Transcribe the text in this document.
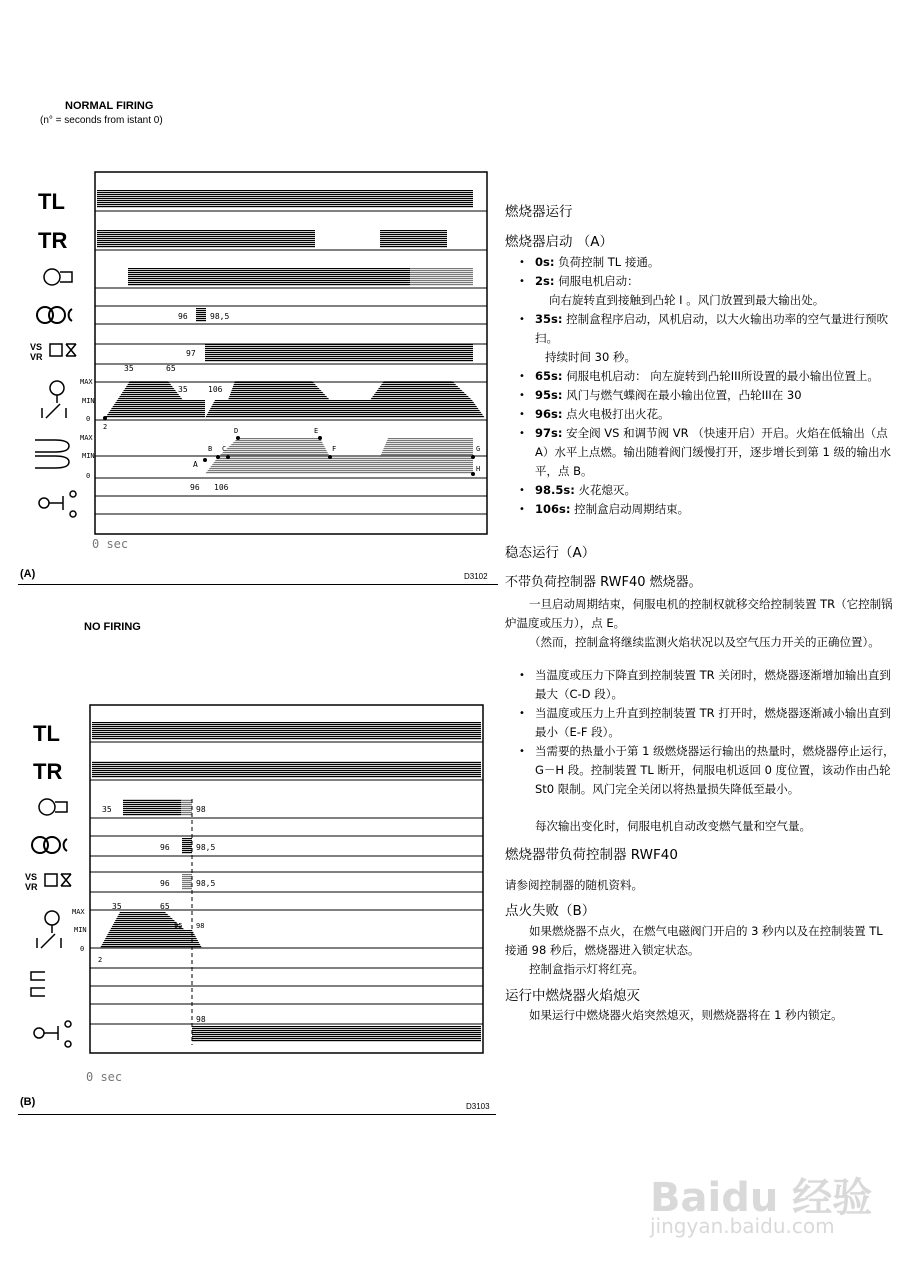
NORMAL FIRING
(n° = seconds from istant 0)
MAX
MIN
0
MAX
MIN
0
35	65
35	106
96	98,5
97
2
96 106
A
B C
D	E
F	G
H
0 sec
TL
TR
VS
VR
(A)	D3102
NO FIRING
MAX
MIN
0
35	98
96	98,5
96	98,5
35	65
95 98
2
98
0 sec
TL
TR
VS
VR
(B)	D3103
燃烧器运行
燃烧器启动 （A）
• 0s: 负荷控制 TL 接通。
• 2s: 伺服电机启动：
向右旋转直到接触到凸轮 I 。风门放置到最大输出处。
• 35s: 控制盒程序启动，风机启动，以大火输出功率的空气量进行预吹扫。
持续时间 30 秒。
• 65s: 伺服电机启动： 向左旋转到凸轮III所设置的最小输出位置上。
• 95s: 风门与燃气蝶阀在最小输出位置，凸轮III在 30
• 96s: 点火电极打出火花。
• 97s: 安全阀 VS 和调节阀 VR （快速开启）开启。火焰在低输出（点 A）水平上点燃。输出随着阀门缓慢打开，逐步增长到第 1 级的输出水平，点 B。
• 98.5s: 火花熄灭。
• 106s: 控制盒启动周期结束。
稳态运行（A）
不带负荷控制器 RWF40 燃烧器。
一旦启动周期结束，伺服电机的控制权就移交给控制装置 TR（它控制锅炉温度或压力），点 E。
（然而，控制盒将继续监测火焰状况以及空气压力开关的正确位置）。
• 当温度或压力下降直到控制装置 TR 关闭时，燃烧器逐渐增加输出直到最大（C-D 段）。
• 当温度或压力上升直到控制装置 TR 打开时，燃烧器逐渐减小输出直到最小（E-F 段）。
• 当需要的热量小于第 1 级燃烧器运行输出的热量时，燃烧器停止运行，G－H 段。控制装置 TL 断开，伺服电机返回 0 度位置，该动作由凸轮 St0 限制。风门完全关闭以将热量损失降低至最小。
每次输出变化时，伺服电机自动改变燃气量和空气量。
燃烧器带负荷控制器 RWF40
请参阅控制器的随机资料。
点火失败（B）
如果燃烧器不点火，在燃气电磁阀门开启的 3 秒内以及在控制装置 TL 接通 98 秒后，燃烧器进入锁定状态。
控制盒指示灯将红亮。
运行中燃烧器火焰熄灭
如果运行中燃烧器火焰突然熄灭，则燃烧器将在 1 秒内锁定。
Baidu 经验
jingyan.baidu.com
